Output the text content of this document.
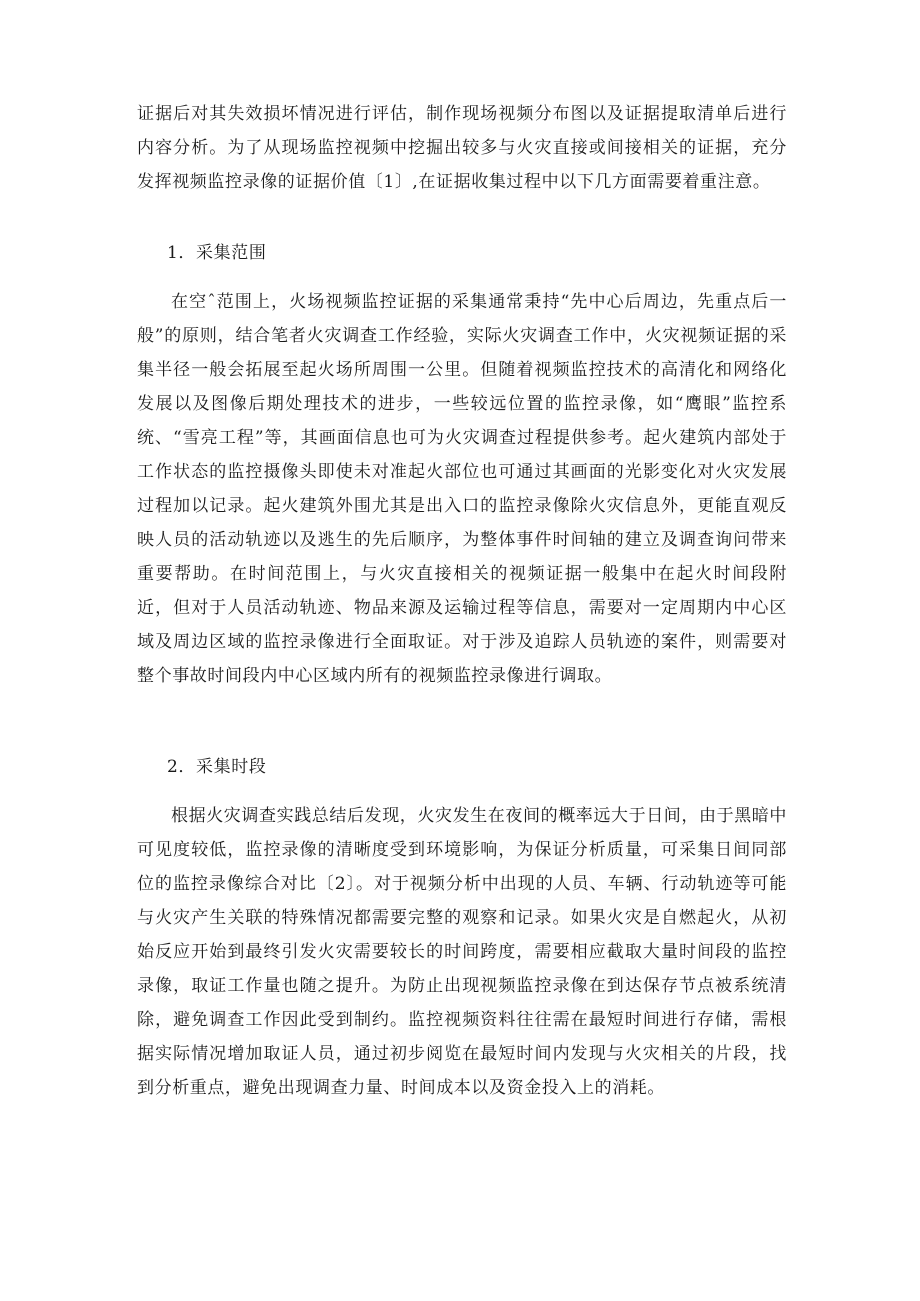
证据后对其失效损坏情况进行评估，制作现场视频分布图以及证据提取清单后进行内容分析。为了从现场监控视频中挖掘出较多与火灾直接或间接相关的证据，充分发挥视频监控录像的证据价值〔1〕,在证据收集过程中以下几方面需要着重注意。

1．采集范围

在空ˆ范围上，火场视频监控证据的采集通常秉持“先中心后周边，先重点后一般”的原则，结合笔者火灾调查工作经验，实际火灾调查工作中，火灾视频证据的采集半径一般会拓展至起火场所周围一公里。但随着视频监控技术的高清化和网络化发展以及图像后期处理技术的进步，一些较远位置的监控录像，如“鹰眼”监控系统、“雪亮工程”等，其画面信息也可为火灾调查过程提供参考。起火建筑内部处于工作状态的监控摄像头即使未对准起火部位也可通过其画面的光影变化对火灾发展过程加以记录。起火建筑外围尤其是出入口的监控录像除火灾信息外，更能直观反映人员的活动轨迹以及逃生的先后顺序，为整体事件时间轴的建立及调查询问带来重要帮助。在时间范围上，与火灾直接相关的视频证据一般集中在起火时间段附近，但对于人员活动轨迹、物品来源及运输过程等信息，需要对一定周期内中心区域及周边区域的监控录像进行全面取证。对于涉及追踪人员轨迹的案件，则需要对整个事故时间段内中心区域内所有的视频监控录像进行调取。

2．采集时段

根据火灾调查实践总结后发现，火灾发生在夜间的概率远大于日间，由于黑暗中可见度较低，监控录像的清晰度受到环境影响，为保证分析质量，可采集日间同部位的监控录像综合对比〔2〕。对于视频分析中出现的人员、车辆、行动轨迹等可能与火灾产生关联的特殊情况都需要完整的观察和记录。如果火灾是自燃起火，从初始反应开始到最终引发火灾需要较长的时间跨度，需要相应截取大量时间段的监控录像，取证工作量也随之提升。为防止出现视频监控录像在到达保存节点被系统清除，避免调查工作因此受到制约。监控视频资料往往需在最短时间进行存储，需根据实际情况增加取证人员，通过初步阅览在最短时间内发现与火灾相关的片段，找到分析重点，避免出现调查力量、时间成本以及资金投入上的消耗。
